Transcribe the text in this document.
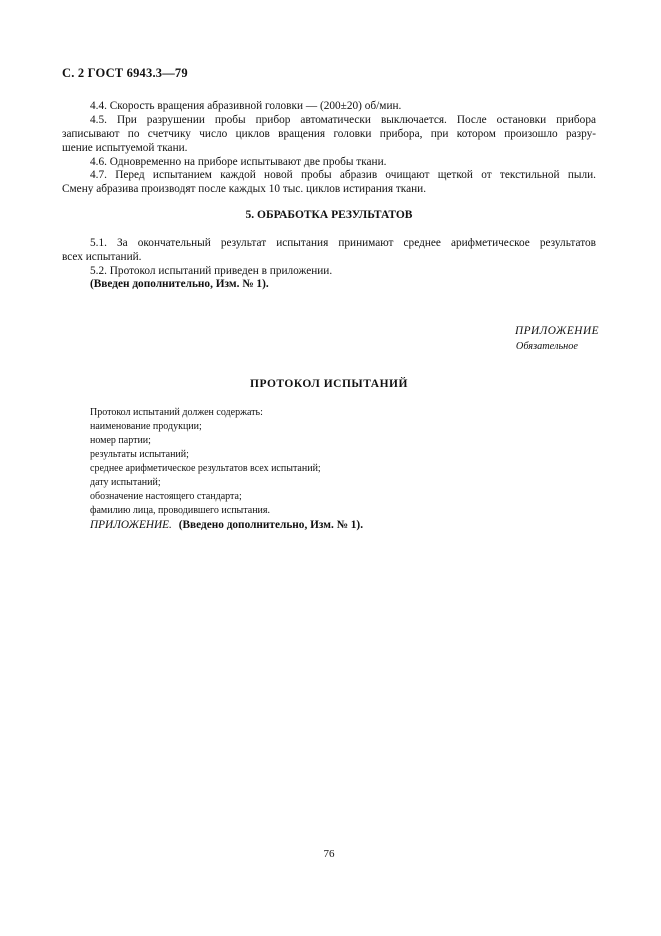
С. 2 ГОСТ 6943.3—79
4.4. Скорость вращения абразивной головки — (200±20) об/мин.
4.5. При разрушении пробы прибор автоматически выключается. После остановки прибора
записывают по счетчику число циклов вращения головки прибора, при котором произошло разру-
шение испытуемой ткани.
4.6. Одновременно на приборе испытывают две пробы ткани.
4.7. Перед испытанием каждой новой пробы абразив очищают щеткой от текстильной пыли.
Смену абразива производят после каждых 10 тыс. циклов истирания ткани.
5. ОБРАБОТКА РЕЗУЛЬТАТОВ
5.1. За окончательный результат испытания принимают среднее арифметическое результатов
всех испытаний.
5.2. Протокол испытаний приведен в приложении.
(Введен дополнительно, Изм. № 1).
ПРИЛОЖЕНИЕ
Обязательное
ПРОТОКОЛ ИСПЫТАНИЙ
Протокол испытаний должен содержать:
наименование продукции;
номер партии;
результаты испытаний;
среднее арифметическое результатов всех испытаний;
дату испытаний;
обозначение настоящего стандарта;
фамилию лица, проводившего испытания.
ПРИЛОЖЕНИЕ. (Введено дополнительно, Изм. № 1).
76
